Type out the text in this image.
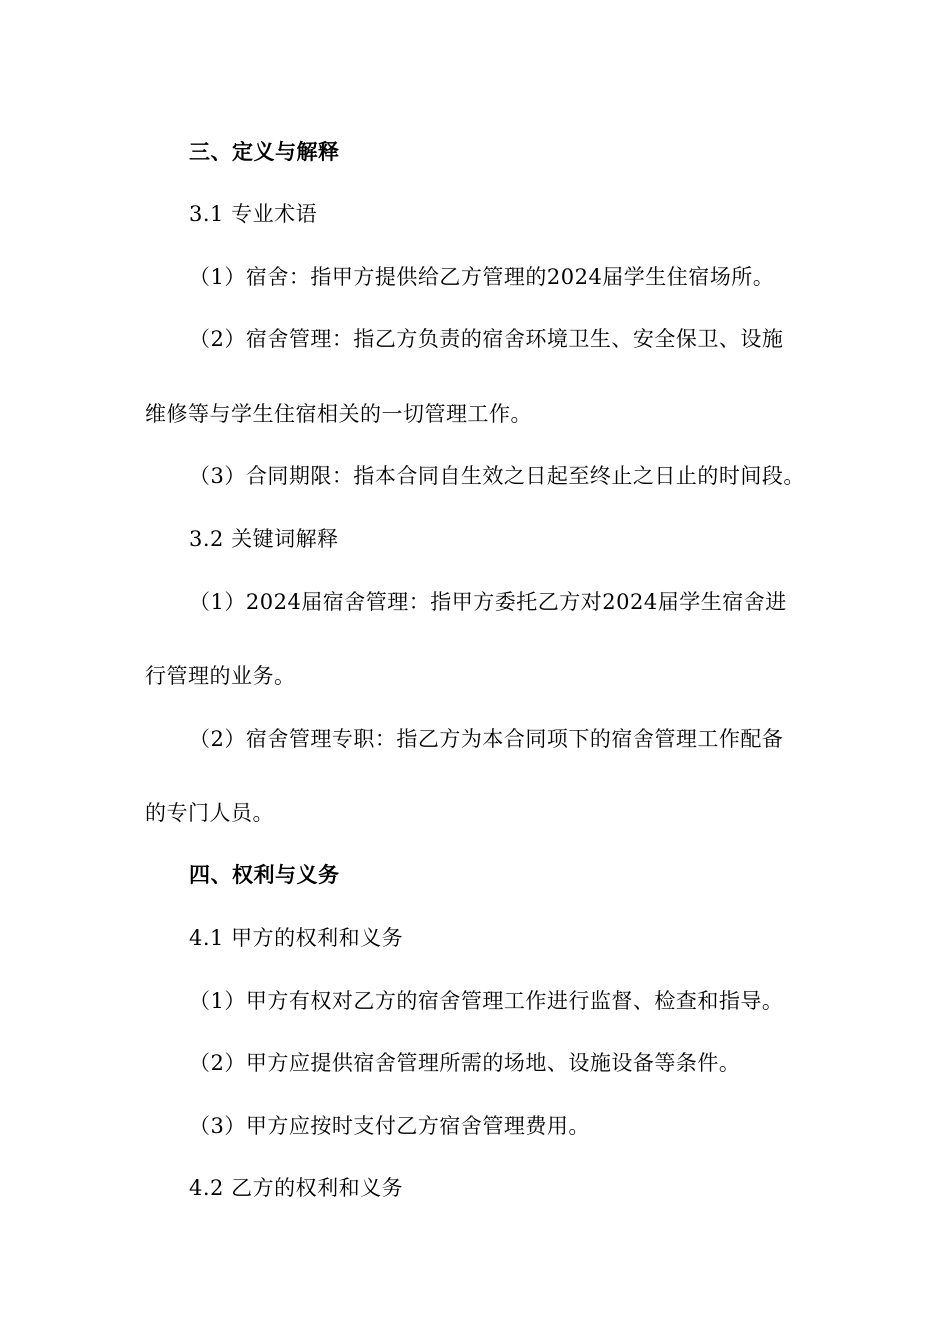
三、定义与解释
3.1 专业术语
（1）宿舍：指甲方提供给乙方管理的2024届学生住宿场所。
（2）宿舍管理：指乙方负责的宿舍环境卫生、安全保卫、设施
维修等与学生住宿相关的一切管理工作。
（3）合同期限：指本合同自生效之日起至终止之日止的时间段。
3.2 关键词解释
（1）2024届宿舍管理：指甲方委托乙方对2024届学生宿舍进
行管理的业务。
（2）宿舍管理专职：指乙方为本合同项下的宿舍管理工作配备
的专门人员。
四、权利与义务
4.1 甲方的权利和义务
（1）甲方有权对乙方的宿舍管理工作进行监督、检查和指导。
（2）甲方应提供宿舍管理所需的场地、设施设备等条件。
（3）甲方应按时支付乙方宿舍管理费用。
4.2 乙方的权利和义务
